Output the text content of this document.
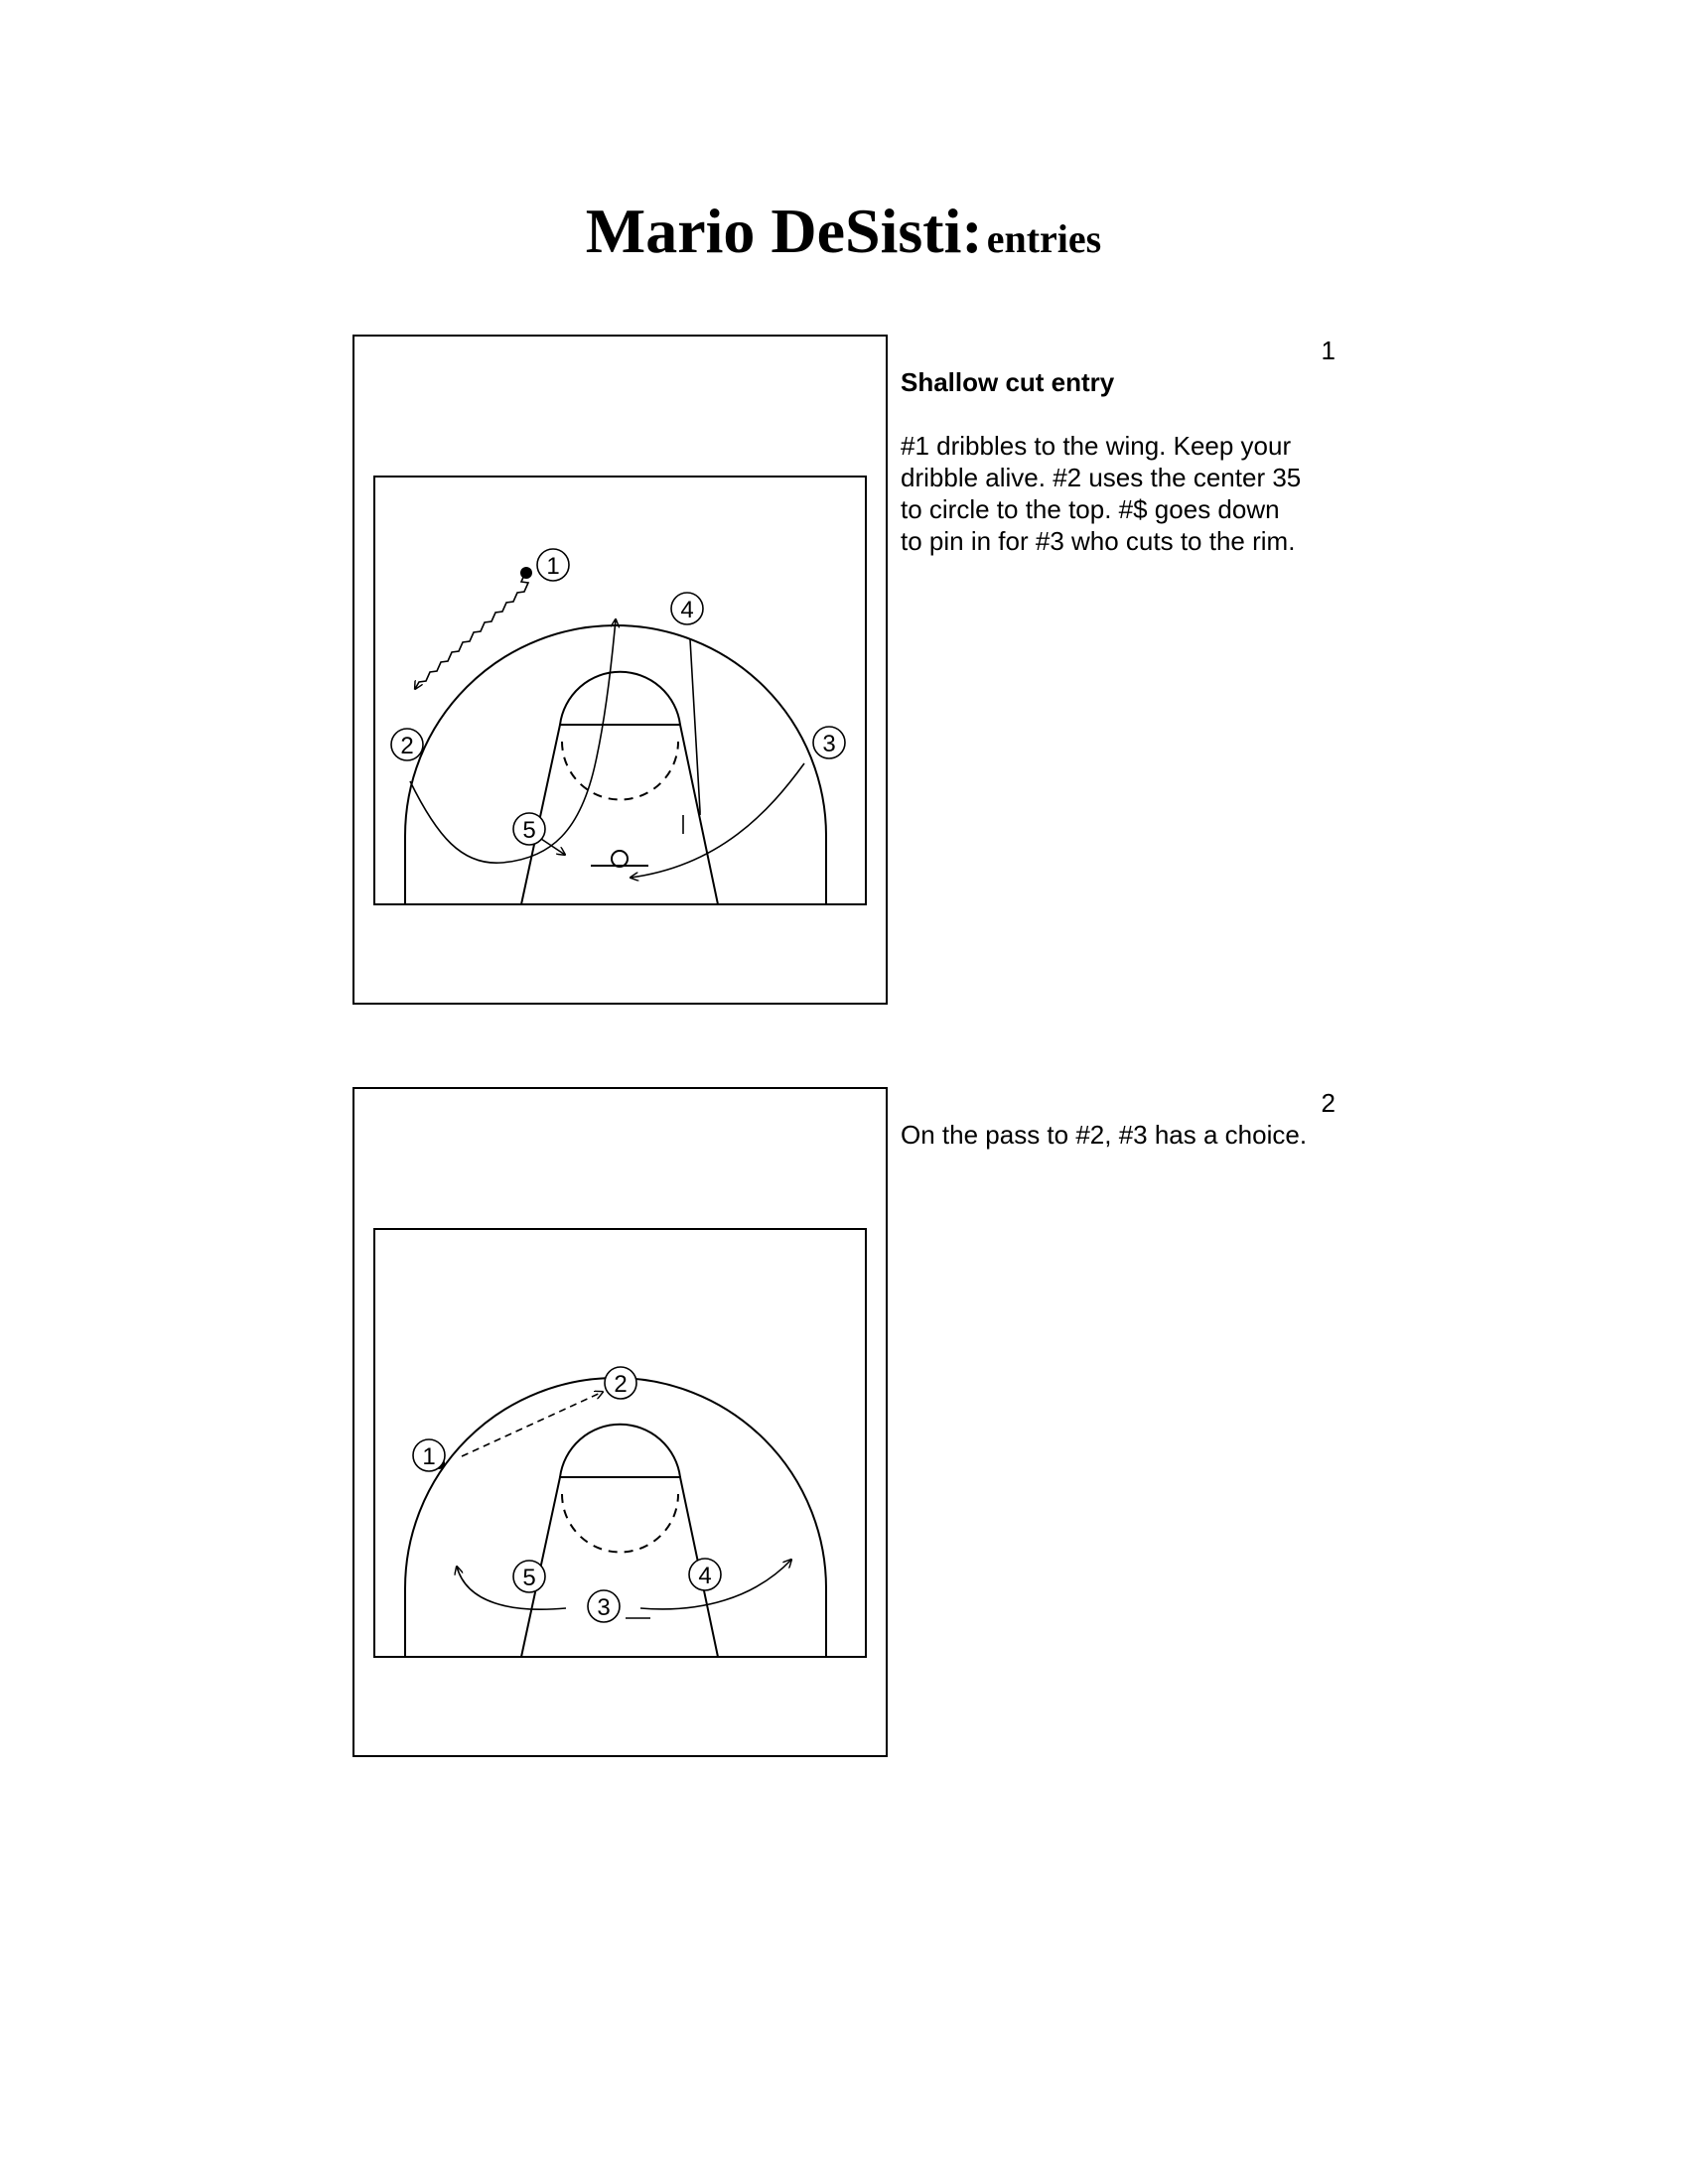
Mario DeSisti: entries
1
2	3
4
5
1
Shallow cut entry
#1 dribbles to the wing. Keep your
dribble alive. #2 uses the center 35
to circle to the top. #$ goes down
to pin in for #3 who cuts to the rim.
1
2
3
4
5
2
On the pass to #2, #3 has a choice.
